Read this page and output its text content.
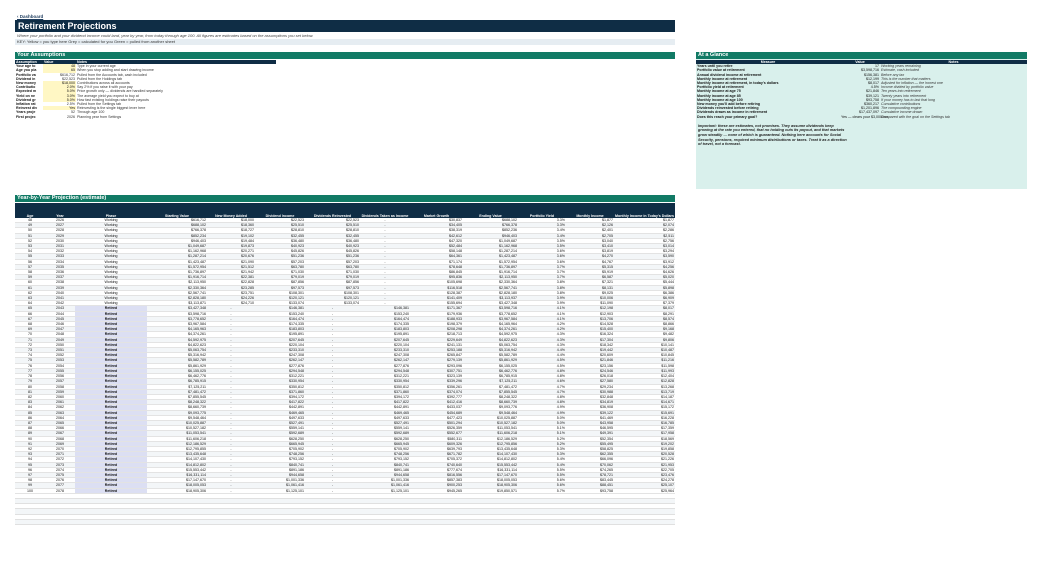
‹ Dashboard
Retirement Projections
Where your portfolio and your dividend income could land, year by year, from today through age 100. All figures are estimates based on the assumptions you set below.
KEY: Yellow = you type here Grey = calculated for you Green = pulled from another sheet
Your Assumptions
Assumption	Value	Notes
Your age to	48	Type in your current age
Age you pla	65	When you stop adding and start drawing income
Portfolio va	$616,712	Pulled from the Accounts tab, cash included
Dividend in	$22,523	Pulled from the Holdings tab
New money	$18,000	Contributions across all accounts
Contributio	2.0%	Say 2% if you raise it with your pay
Expected m	5.0%	Price growth only — dividends are handled separately
Yield on ne	3.0%	The average yield you expect to buy at
Dividend gr	5.0%	How fast existing holdings raise their payouts
Inflation rat	2.5%	Pulled from the Settings tab
Reinvest div	Yes	Reinvesting is the single biggest lever here
Years proje	52	Through age 100
First projec	2026	Planning year from Settings
At a Glance
Measure	Value	Notes
Years until you retire	17	Working years remaining
Portfolio value at retirement	$3,598,716	Estimate, cash included
Annual dividend income at retirement	$156,381	Before any tax
Monthly income at retirement	$12,199	This is the number that matters
Monthly income at retirement, in today's dollars	$8,017	Adjusted for inflation — the honest one
Portfolio yield at retirement	4.5%	Income divided by portfolio value
Monthly income at age 75	$21,846	Ten years into retirement
Monthly income at age 85	$39,121	Twenty years into retirement
Monthly income at age 100	$93,758	If your money has to last that long
New money you'll add before retiring	$360,217	Cumulative contributions
Dividends reinvested before retiring	$1,201,896	The compounding engine
Dividends drawn as income in retirement	$17,437,097	Cumulative income drawn
Does this reach your primary goal?	Yes — clears your $3,000/mo	Compared with the goal on the Settings tab
Important: these are estimates, not promises. They assume dividends keep growing at the rate you entered, that no holding cuts its payout, and that markets grow steadily — none of which is guaranteed. Nothing here accounts for Social Security, pensions, required minimum distributions or taxes. Treat it as a direction of travel, not a forecast.
Year-by-Year Projection (estimate)
Age	Year	Phase	Starting Value	New Money Added	Dividend Income	Dividends Reinvested	Dividends Taken as Income	Market Growth	Ending Value	Portfolio Yield	Monthly Income	Monthly Income in Today's Dollars
48	2026	Working	$616,712	$18,000	$22,523	$22,523	-	$30,837	$688,102	3.3%	$1,877	$1,877
49	2027	Working	$688,102	$18,360	$25,510	$25,510	-	$34,405	$766,378	3.3%	$2,126	$2,074
50	2028	Working	$766,378	$18,727	$28,810	$28,810	-	$38,319	$852,236	3.4%	$2,401	$2,286
51	2029	Working	$852,234	$19,102	$32,455	$32,455	-	$42,612	$946,403	3.4%	$2,705	$2,511
52	2030	Working	$946,403	$19,484	$36,480	$36,480	-	$47,320	$1,049,687	3.5%	$3,040	$2,756
53	2031	Working	$1,049,687	$19,873	$40,923	$40,923	-	$52,484	$1,162,968	3.5%	$3,410	$3,014
54	2032	Working	$1,162,968	$20,271	$45,826	$45,826	-	$58,148	$1,287,214	3.6%	$3,819	$3,294
55	2033	Working	$1,287,214	$20,676	$51,236	$51,236	-	$64,361	$1,423,487	3.6%	$4,270	$3,590
56	2034	Working	$1,423,487	$21,090	$57,203	$57,203	-	$71,174	$1,572,954	3.6%	$4,767	$3,912
57	2035	Working	$1,572,954	$21,512	$63,780	$63,780	-	$78,648	$1,736,897	3.7%	$5,315	$4,256
58	2036	Working	$1,736,897	$21,942	$71,030	$71,030	-	$86,845	$1,916,714	3.7%	$5,919	$4,626
59	2037	Working	$1,916,714	$22,381	$79,019	$79,019	-	$95,836	$2,113,950	3.7%	$6,587	$5,020
60	2038	Working	$2,113,950	$22,828	$87,856	$87,856	-	$105,698	$2,330,364	3.8%	$7,321	$5,444
61	2039	Working	$2,330,364	$23,285	$97,573	$97,573	-	$116,518	$2,567,741	3.8%	$8,131	$5,898
62	2040	Working	$2,567,741	$23,751	$108,301	$108,301	-	$128,387	$2,828,180	3.8%	$9,025	$6,386
63	2041	Working	$2,828,180	$24,226	$120,121	$120,121	-	$141,409	$3,113,937	3.9%	$10,006	$6,909
64	2042	Working	$3,113,871	$24,710	$133,074	$133,074	-	$155,694	$3,427,348	3.9%	$11,090	$7,379
65	2043	Retired	$3,427,348	-	$146,381	-	$146,381	$171,367	$3,598,716	4.1%	$12,198	$8,017
66	2044	Retired	$3,598,716	-	$153,240	-	$153,240	$179,936	$3,778,652	4.1%	$12,903	$8,291
67	2045	Retired	$3,778,652	-	$164,474	-	$164,474	$188,933	$3,967,584	4.1%	$13,706	$8,574
68	2046	Retired	$3,967,584	-	$174,335	-	$174,335	$198,379	$4,165,964	4.2%	$14,528	$8,866
69	2047	Retired	$4,165,963	-	$183,803	-	$183,803	$208,298	$4,374,261	4.2%	$15,400	$9,168
70	2048	Retired	$4,374,261	-	$195,891	-	$195,891	$218,713	$4,592,975	4.3%	$16,324	$9,482
71	2049	Retired	$4,592,975	-	$207,645	-	$207,645	$229,649	$4,822,623	4.3%	$17,304	$9,806
72	2050	Retired	$4,822,623	-	$220,104	-	$220,104	$241,131	$5,063,754	4.3%	$18,342	$10,141
73	2051	Retired	$5,063,754	-	$233,310	-	$233,310	$253,188	$5,316,942	4.4%	$19,442	$10,487
74	2052	Retired	$5,316,942	-	$247,308	-	$247,308	$265,847	$5,582,789	4.4%	$20,609	$10,845
75	2053	Retired	$5,582,789	-	$262,147	-	$262,147	$279,139	$5,861,929	4.5%	$21,846	$11,216
76	2054	Retired	$5,861,929	-	$277,876	-	$277,876	$293,096	$6,155,025	4.5%	$23,156	$11,598
77	2055	Retired	$6,155,025	-	$294,548	-	$294,548	$307,751	$6,462,776	4.8%	$24,546	$11,993
78	2056	Retired	$6,462,776	-	$312,221	-	$312,221	$323,139	$6,785,915	4.8%	$26,018	$12,404
79	2057	Retired	$6,785,915	-	$330,954	-	$330,954	$339,296	$7,125,211	4.6%	$27,580	$12,828
80	2058	Retired	$7,125,211	-	$350,812	-	$350,812	$356,261	$7,481,472	4.7%	$29,234	$13,268
81	2059	Retired	$7,481,472	-	$371,860	-	$371,860	$374,074	$7,855,545	4.7%	$30,988	$13,719
82	2060	Retired	$7,855,545	-	$394,172	-	$394,172	$392,777	$8,248,322	4.8%	$32,848	$14,187
83	2061	Retired	$8,248,322	-	$417,822	-	$417,822	$412,416	$8,660,739	4.8%	$34,819	$14,671
84	2062	Retired	$8,660,739	-	$442,891	-	$442,891	$433,037	$9,093,776	4.9%	$36,908	$15,172
85	2063	Retired	$9,093,775	-	$469,465	-	$469,465	$454,689	$9,548,464	4.9%	$39,122	$15,691
86	2064	Retired	$9,548,464	-	$497,633	-	$497,633	$477,423	$10,025,887	5.0%	$41,469	$16,228
87	2065	Retired	$10,025,887	-	$527,491	-	$527,491	$501,294	$10,527,182	5.0%	$43,958	$16,785
88	2066	Retired	$10,527,182	-	$559,141	-	$559,141	$526,359	$11,053,541	5.1%	$46,595	$17,359
89	2067	Retired	$11,053,541	-	$592,689	-	$592,689	$552,677	$11,606,218	5.1%	$49,391	$17,958
90	2068	Retired	$11,606,218	-	$628,250	-	$628,250	$580,311	$12,186,529	5.2%	$52,354	$18,569
91	2069	Retired	$12,186,529	-	$665,945	-	$665,945	$609,326	$12,795,856	5.2%	$55,495	$19,202
92	2070	Retired	$12,795,855	-	$705,902	-	$705,902	$639,793	$13,435,648	5.3%	$58,825	$19,858
93	2071	Retired	$13,435,648	-	$748,256	-	$748,256	$671,782	$14,107,430	5.3%	$62,355	$20,528
94	2072	Retired	$14,107,430	-	$793,152	-	$793,152	$705,372	$14,812,802	5.4%	$66,096	$21,226
95	2073	Retired	$14,812,802	-	$840,741	-	$840,741	$740,640	$15,553,442	5.4%	$70,062	$21,953
96	2074	Retired	$15,553,442	-	$891,186	-	$891,186	$777,674	$16,331,114	5.5%	$74,265	$22,705
97	2075	Retired	$16,331,114	-	$944,658	-	$944,658	$816,556	$17,147,670	5.5%	$78,721	$23,476
98	2076	Retired	$17,147,670	-	$1,001,336	-	$1,001,336	$857,383	$18,005,053	5.6%	$83,445	$24,278
99	2077	Retired	$18,005,053	-	$1,061,416	-	$1,061,416	$900,253	$18,905,306	5.6%	$88,451	$25,107
100	2078	Retired	$18,905,306	-	$1,125,101	-	$1,125,101	$945,265	$19,850,571	5.7%	$93,758	$25,964
